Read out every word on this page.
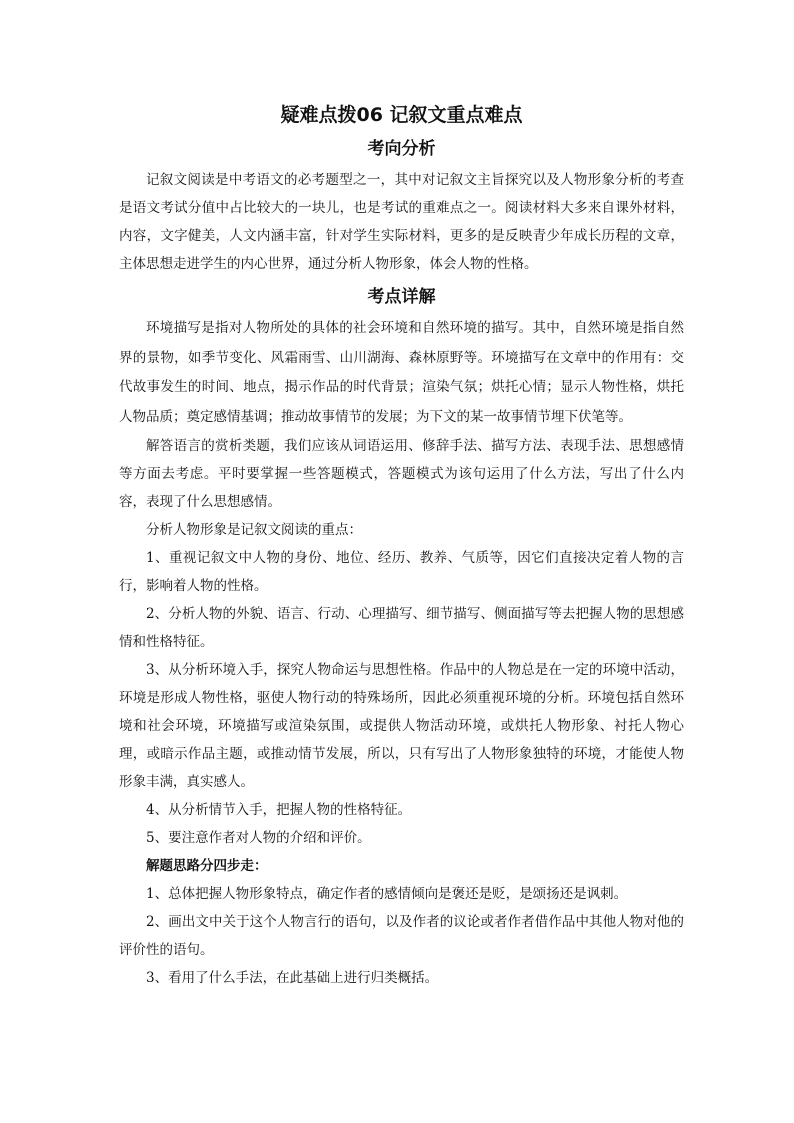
疑难点拨06 记叙文重点难点
考向分析

记叙文阅读是中考语文的必考题型之一，其中对记叙文主旨探究以及人物形象分析的考查是语文考试分值中占比较大的一块儿，也是考试的重难点之一。阅读材料大多来自课外材料，内容，文字健美，人文内涵丰富，针对学生实际材料，更多的是反映青少年成长历程的文章，主体思想走进学生的内心世界，通过分析人物形象，体会人物的性格。

考点详解

环境描写是指对人物所处的具体的社会环境和自然环境的描写。其中，自然环境是指自然界的景物，如季节变化、风霜雨雪、山川湖海、森林原野等。环境描写在文章中的作用有：交代故事发生的时间、地点，揭示作品的时代背景；渲染气氛；烘托心情；显示人物性格，烘托人物品质；奠定感情基调；推动故事情节的发展；为下文的某一故事情节埋下伏笔等。

解答语言的赏析类题，我们应该从词语运用、修辞手法、描写方法、表现手法、思想感情等方面去考虑。平时要掌握一些答题模式，答题模式为该句运用了什么方法，写出了什么内容，表现了什么思想感情。

分析人物形象是记叙文阅读的重点：

1、重视记叙文中人物的身份、地位、经历、教养、气质等，因它们直接决定着人物的言行，影响着人物的性格。

2、分析人物的外貌、语言、行动、心理描写、细节描写、侧面描写等去把握人物的思想感情和性格特征。

3、从分析环境入手，探究人物命运与思想性格。作品中的人物总是在一定的环境中活动，环境是形成人物性格，驱使人物行动的特殊场所，因此必须重视环境的分析。环境包括自然环境和社会环境，环境描写或渲染氛围，或提供人物活动环境，或烘托人物形象、衬托人物心理，或暗示作品主题，或推动情节发展，所以，只有写出了人物形象独特的环境，才能使人物形象丰满，真实感人。

4、从分析情节入手，把握人物的性格特征。

5、要注意作者对人物的介绍和评价。

解题思路分四步走：

1、总体把握人物形象特点，确定作者的感情倾向是褒还是贬，是颂扬还是讽刺。

2、画出文中关于这个人物言行的语句，以及作者的议论或者作者借作品中其他人物对他的评价性的语句。

3、看用了什么手法，在此基础上进行归类概括。
